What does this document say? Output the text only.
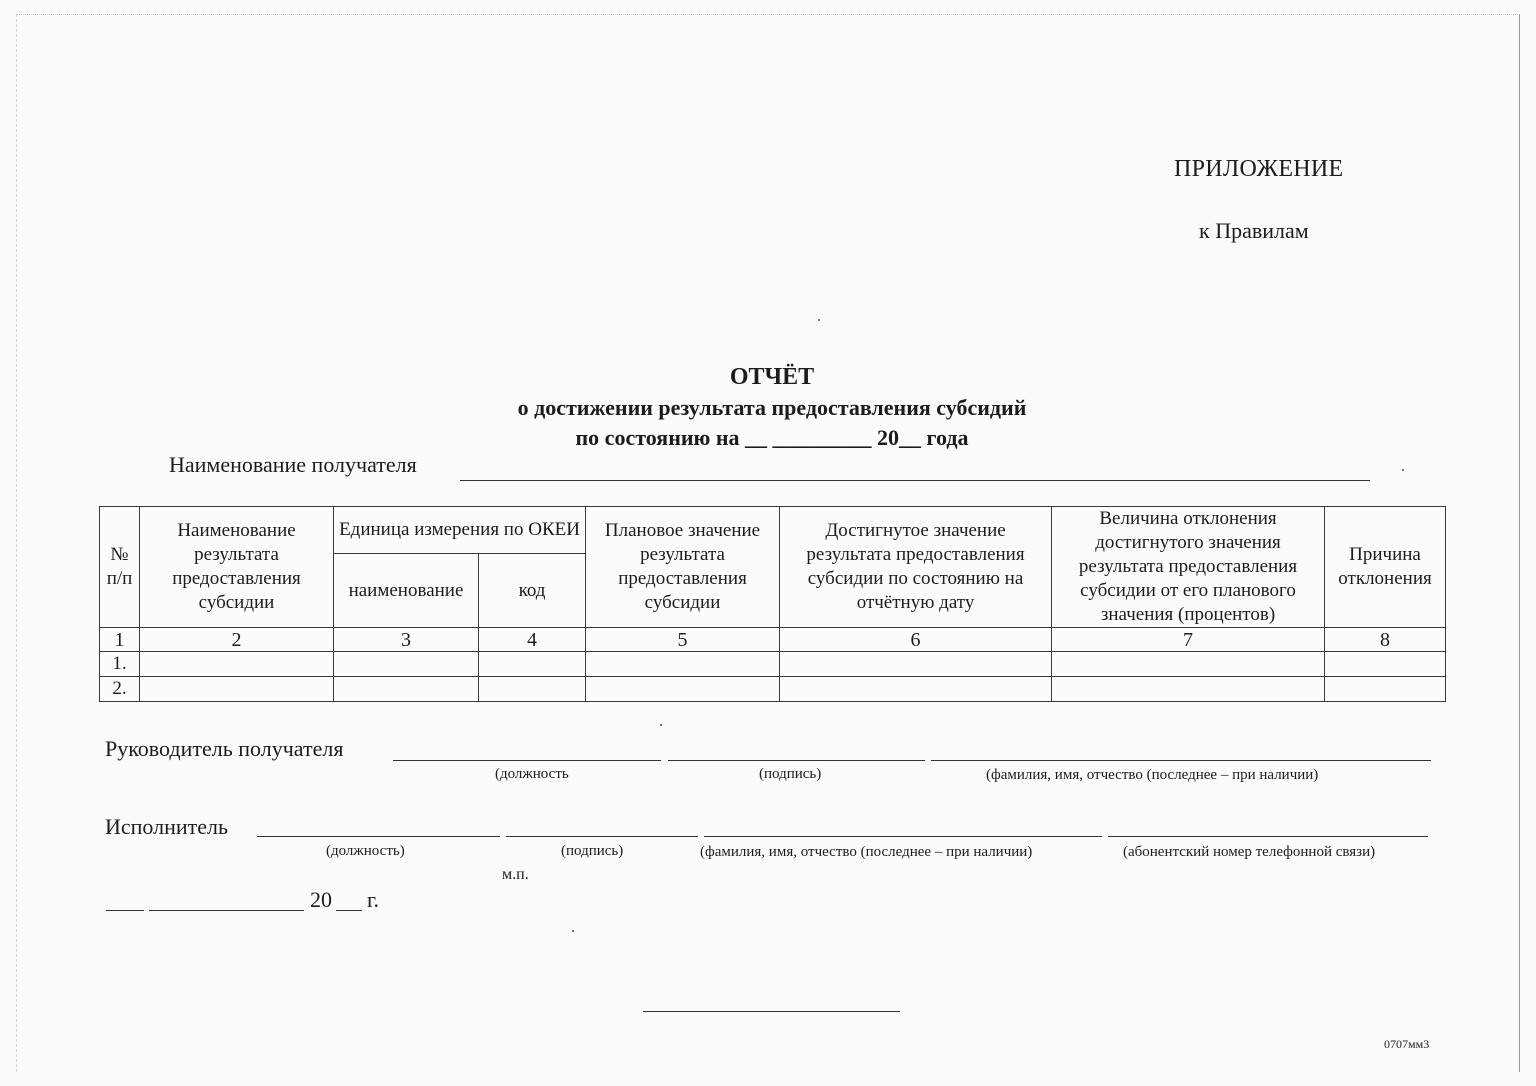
ПРИЛОЖЕНИЕ
к Правилам
ОТЧЁТ
о достижении результата предоставления субсидий
по состоянию на __ _________ 20__ года
Наименование получателя
№ п/п	Наименование результата предоставления субсидии	Единица измерения по ОКЕИ		Плановое значение результата предоставления субсидии	Достигнутое значение результата предоставления субсидии по состоянию на отчётную дату	Величина отклонения достигнутого значения результата предоставления субсидии от его планового значения (процентов)	Причина отклонения
		наименование	код				
1	2	3	4	5	6	7	8
1.							
2.							
Руководитель получателя
(должность	(подпись)	(фамилия, имя, отчество (последнее – при наличии)
Исполнитель
(должность)	(подпись)	(фамилия, имя, отчество (последнее – при наличии)	(абонентский номер телефонной связи)
м.п.
20 г.
0707мм3
